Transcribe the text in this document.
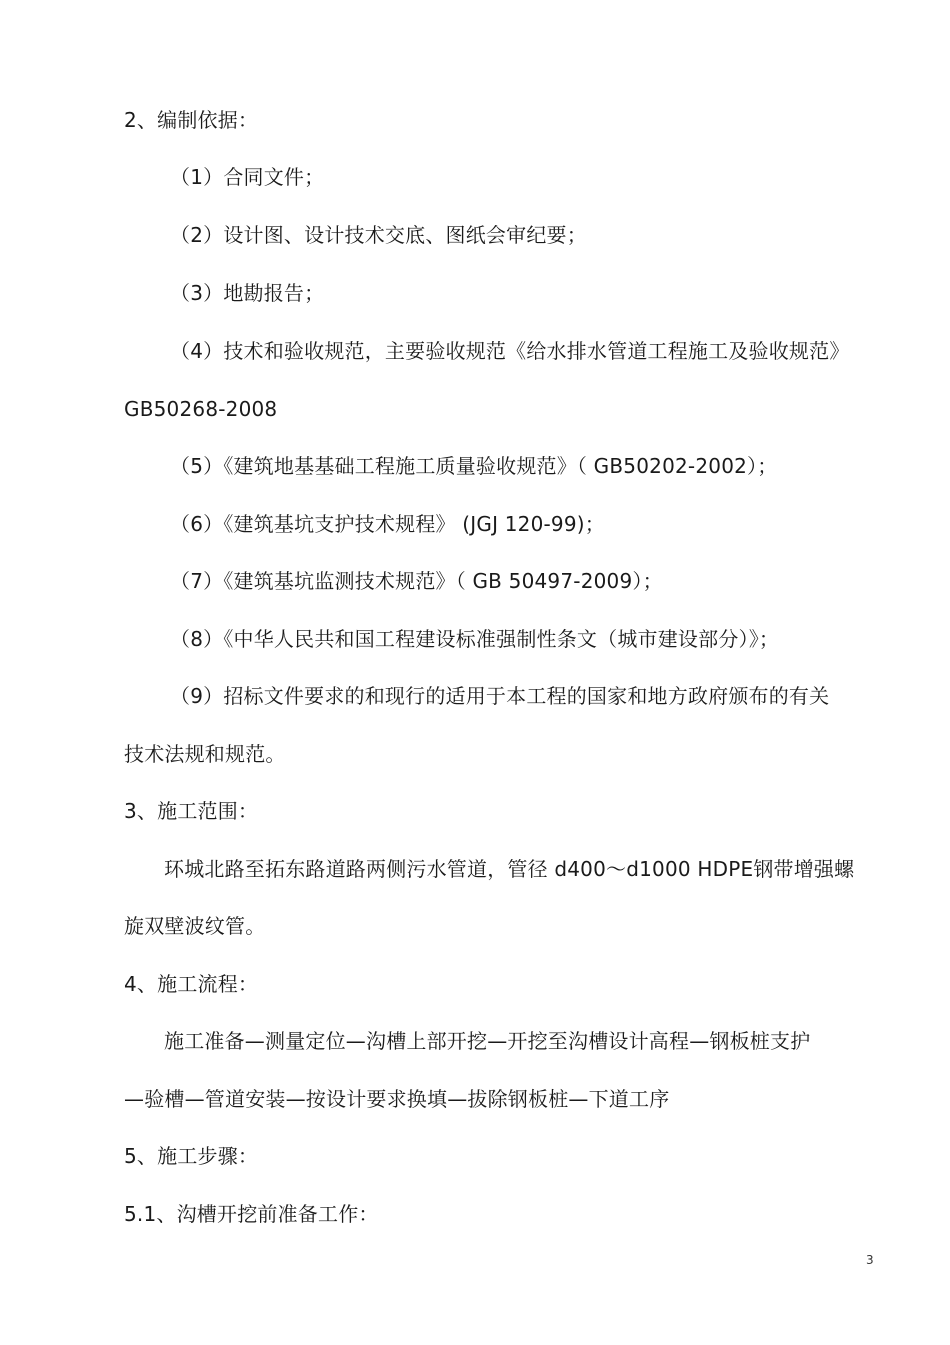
2、编制依据：
（1）合同文件；
（2）设计图、设计技术交底、图纸会审纪要；
（3）地勘报告；
（4）技术和验收规范，主要验收规范《给水排水管道工程施工及验收规范》
GB50268-2008
（5）《建筑地基基础工程施工质量验收规范》（ GB50202-2002）；
（6）《建筑基坑支护技术规程》 (JGJ 120-99)；
（7）《建筑基坑监测技术规范》（ GB 50497-2009）；
（8）《中华人民共和国工程建设标准强制性条文（城市建设部分）》；
（9）招标文件要求的和现行的适用于本工程的国家和地方政府颁布的有关
技术法规和规范。
3、施工范围：
环城北路至拓东路道路两侧污水管道，管径 d400～d1000 HDPE钢带增强螺
旋双壁波纹管。
4、施工流程：
施工准备—测量定位—沟槽上部开挖—开挖至沟槽设计高程—钢板桩支护
—验槽—管道安装—按设计要求换填—拔除钢板桩—下道工序
5、施工步骤：
5.1、沟槽开挖前准备工作：
3
